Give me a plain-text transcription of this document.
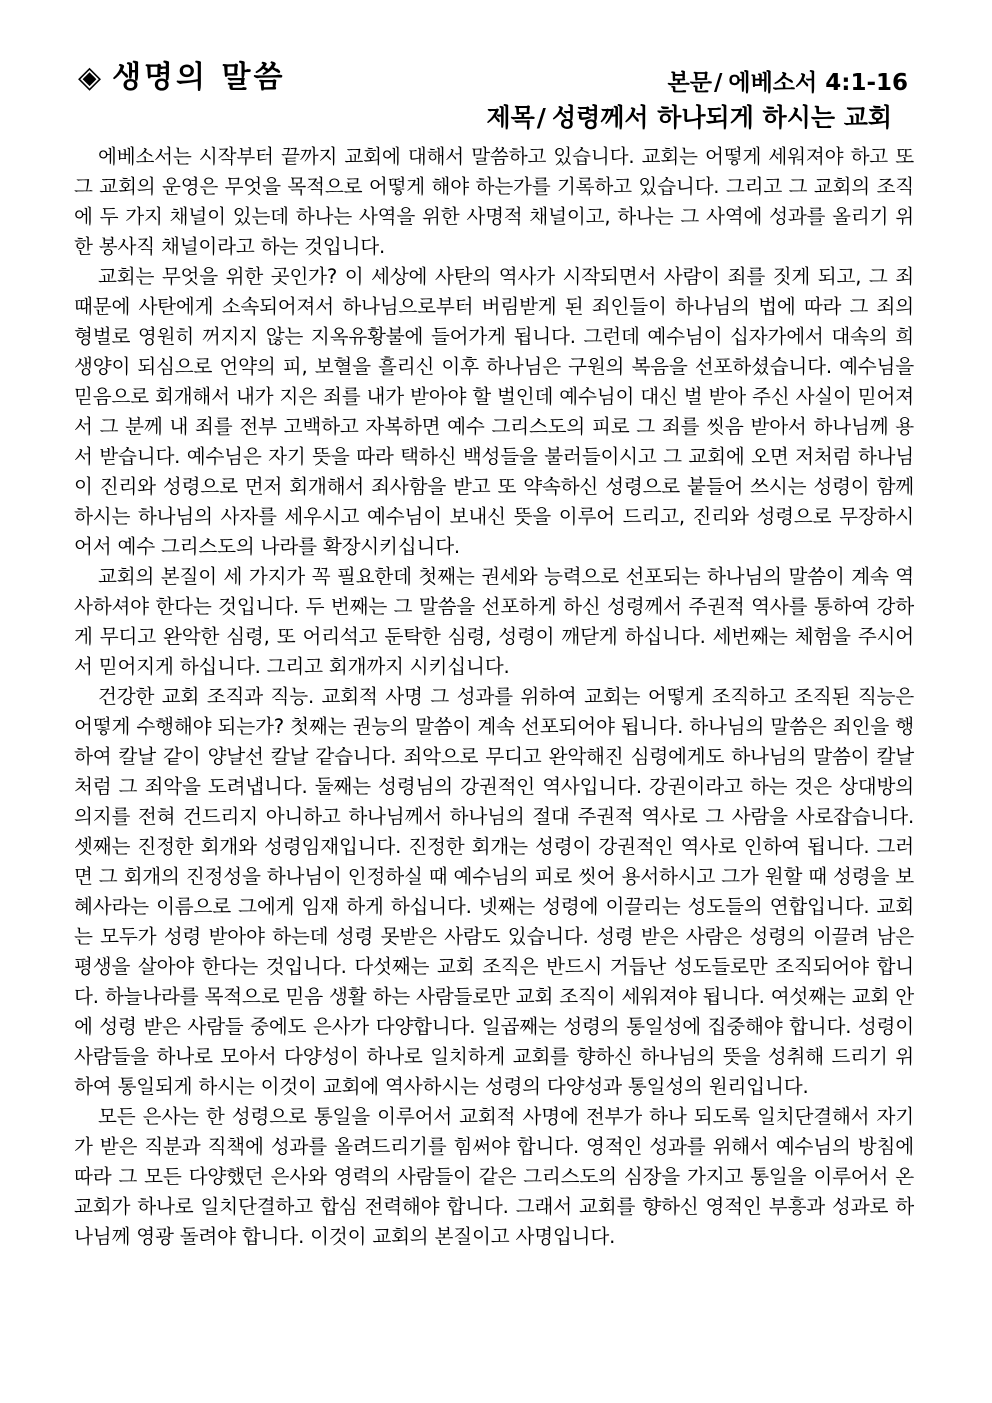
◈ 생명의 말씀	본문/ 에베소서 4:1-16
제목/ 성령께서 하나되게 하시는 교회

에베소서는 시작부터 끝까지 교회에 대해서 말씀하고 있습니다. 교회는 어떻게 세워져야 하고 또 그 교회의 운영은 무엇을 목적으로 어떻게 해야 하는가를 기록하고 있습니다. 그리고 그 교회의 조직에 두 가지 채널이 있는데 하나는 사역을 위한 사명적 채널이고, 하나는 그 사역에 성과를 올리기 위한 봉사직 채널이라고 하는 것입니다.

교회는 무엇을 위한 곳인가? 이 세상에 사탄의 역사가 시작되면서 사람이 죄를 짓게 되고, 그 죄 때문에 사탄에게 소속되어져서 하나님으로부터 버림받게 된 죄인들이 하나님의 법에 따라 그 죄의 형벌로 영원히 꺼지지 않는 지옥유황불에 들어가게 됩니다. 그런데 예수님이 십자가에서 대속의 희생양이 되심으로 언약의 피, 보혈을 흘리신 이후 하나님은 구원의 복음을 선포하셨습니다. 예수님을 믿음으로 회개해서 내가 지은 죄를 내가 받아야 할 벌인데 예수님이 대신 벌 받아 주신 사실이 믿어져서 그 분께 내 죄를 전부 고백하고 자복하면 예수 그리스도의 피로 그 죄를 씻음 받아서 하나님께 용서 받습니다. 예수님은 자기 뜻을 따라 택하신 백성들을 불러들이시고 그 교회에 오면 저처럼 하나님이 진리와 성령으로 먼저 회개해서 죄사함을 받고 또 약속하신 성령으로 붙들어 쓰시는 성령이 함께 하시는 하나님의 사자를 세우시고 예수님이 보내신 뜻을 이루어 드리고, 진리와 성령으로 무장하시어서 예수 그리스도의 나라를 확장시키십니다.

교회의 본질이 세 가지가 꼭 필요한데 첫째는 권세와 능력으로 선포되는 하나님의 말씀이 계속 역사하셔야 한다는 것입니다. 두 번째는 그 말씀을 선포하게 하신 성령께서 주권적 역사를 통하여 강하게 무디고 완악한 심령, 또 어리석고 둔탁한 심령, 성령이 깨닫게 하십니다. 세번째는 체험을 주시어서 믿어지게 하십니다. 그리고 회개까지 시키십니다.

건강한 교회 조직과 직능. 교회적 사명 그 성과를 위하여 교회는 어떻게 조직하고 조직된 직능은 어떻게 수행해야 되는가? 첫째는 권능의 말씀이 계속 선포되어야 됩니다. 하나님의 말씀은 죄인을 행하여 칼날 같이 양날선 칼날 같습니다. 죄악으로 무디고 완악해진 심령에게도 하나님의 말씀이 칼날처럼 그 죄악을 도려냅니다. 둘째는 성령님의 강권적인 역사입니다. 강권이라고 하는 것은 상대방의 의지를 전혀 건드리지 아니하고 하나님께서 하나님의 절대 주권적 역사로 그 사람을 사로잡습니다. 셋째는 진정한 회개와 성령임재입니다. 진정한 회개는 성령이 강권적인 역사로 인하여 됩니다. 그러면 그 회개의 진정성을 하나님이 인정하실 때 예수님의 피로 씻어 용서하시고 그가 원할 때 성령을 보혜사라는 이름으로 그에게 임재 하게 하십니다. 넷째는 성령에 이끌리는 성도들의 연합입니다. 교회는 모두가 성령 받아야 하는데 성령 못받은 사람도 있습니다. 성령 받은 사람은 성령의 이끌려 남은 평생을 살아야 한다는 것입니다. 다섯째는 교회 조직은 반드시 거듭난 성도들로만 조직되어야 합니다. 하늘나라를 목적으로 믿음 생활 하는 사람들로만 교회 조직이 세워져야 됩니다. 여섯째는 교회 안에 성령 받은 사람들 중에도 은사가 다양합니다. 일곱째는 성령의 통일성에 집중해야 합니다. 성령이 사람들을 하나로 모아서 다양성이 하나로 일치하게 교회를 향하신 하나님의 뜻을 성취해 드리기 위하여 통일되게 하시는 이것이 교회에 역사하시는 성령의 다양성과 통일성의 원리입니다.

모든 은사는 한 성령으로 통일을 이루어서 교회적 사명에 전부가 하나 되도록 일치단결해서 자기가 받은 직분과 직책에 성과를 올려드리기를 힘써야 합니다. 영적인 성과를 위해서 예수님의 방침에 따라 그 모든 다양했던 은사와 영력의 사람들이 같은 그리스도의 심장을 가지고 통일을 이루어서 온 교회가 하나로 일치단결하고 합심 전력해야 합니다. 그래서 교회를 향하신 영적인 부흥과 성과로 하나님께 영광 돌려야 합니다. 이것이 교회의 본질이고 사명입니다.
